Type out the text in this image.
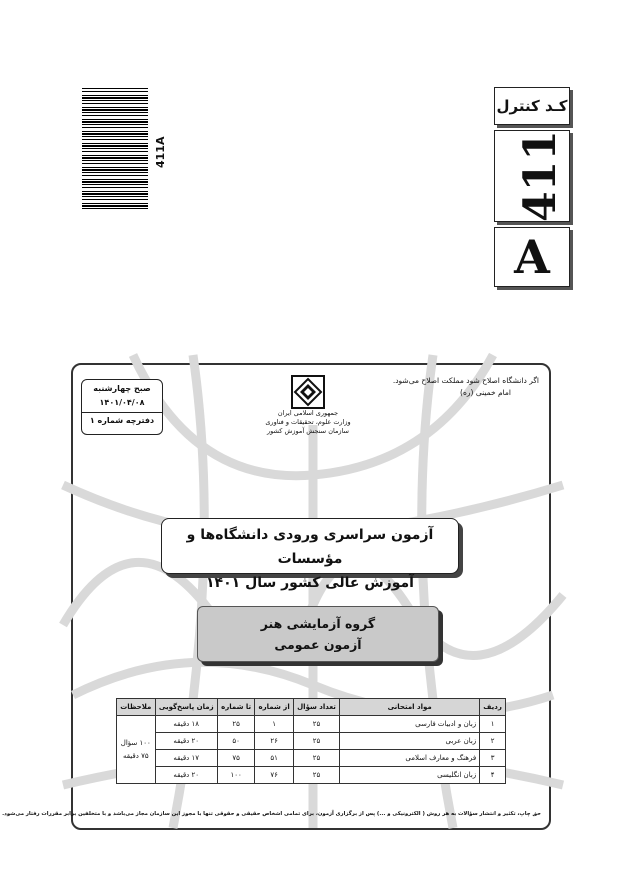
411A
کـد کنترل
411
A
اگر دانشگاه اصلاح شود مملکت اصلاح می‌شود.
امام خمینی (ره)
صبح چهارشنبه
۱۴۰۱/۰۴/۰۸
دفترچه شماره ۱
جمهوری اسلامی ایران
وزارت علوم، تحقیقات و فناوری
سازمان سنجش آموزش کشور
آزمون سراسری ورودی دانشگاه‌ها و مؤسسات
آموزش عالی کشور سال ۱۴۰۱
گروه آزمایشی هنر
آزمون عمومی
ردیف	مواد امتحانی	تعداد سؤال	از شماره	تا شماره	زمان پاسخ‌گویی	ملاحظات
۱	زبان و ادبیات فارسی	۲۵	۱	۲۵	۱۸ دقیقه	۱۰۰ سؤال
۷۵ دقیقه

۲	زبان عربی	۲۵	۲۶	۵۰	۲۰ دقیقه	
۳	فرهنگ و معارف اسلامی	۲۵	۵۱	۷۵	۱۷ دقیقه	
۴	زبان انگلیسی	۲۵	۷۶	۱۰۰	۲۰ دقیقه	
حق چاپ، تکثیر و انتشار سؤالات به هر روش ( الکترونیکی و ...) پس از برگزاری آزمون، برای تمامی اشخاص حقیقی و حقوقی تنها با مجوز این سازمان مجاز می‌باشد و با متخلفین برابر مقررات رفتار می‌شود.
